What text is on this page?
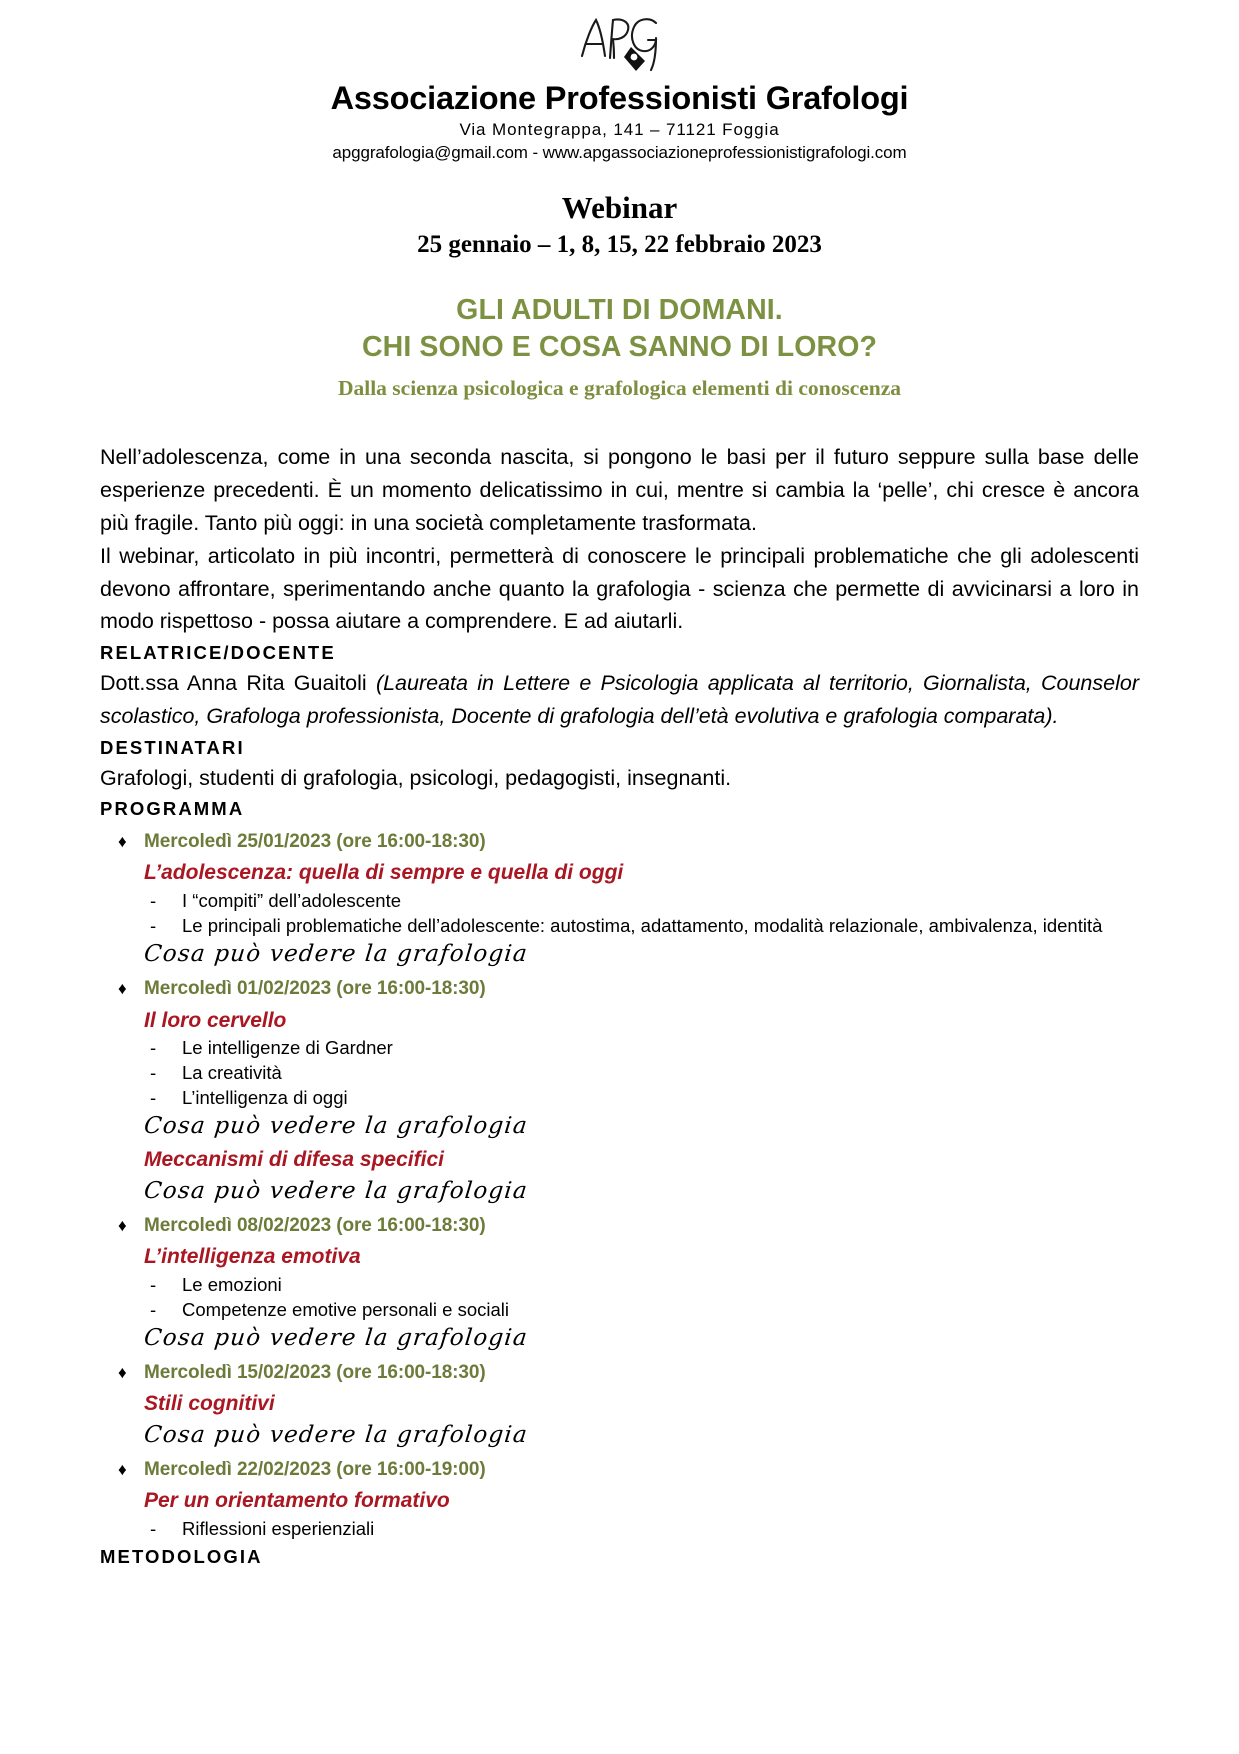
Associazione Professionisti Grafologi
Via Montegrappa, 141 – 71121 Foggia
apggrafologia@gmail.com - www.apgassociazioneprofessionistigrafologi.com
Webinar
25 gennaio – 1, 8, 15, 22 febbraio 2023
GLI ADULTI DI DOMANI.
CHI SONO E COSA SANNO DI LORO?
Dalla scienza psicologica e grafologica elementi di conoscenza

Nell’adolescenza, come in una seconda nascita, si pongono le basi per il futuro seppure sulla base delle esperienze precedenti. È un momento delicatissimo in cui, mentre si cambia la ‘pelle’, chi cresce è ancora più fragile. Tanto più oggi: in una società completamente trasformata.

Il webinar, articolato in più incontri, permetterà di conoscere le principali problematiche che gli adolescenti devono affrontare, sperimentando anche quanto la grafologia - scienza che permette di avvicinarsi a loro in modo rispettoso - possa aiutare a comprendere. E ad aiutarli.

RELATRICE/DOCENTE
Dott.ssa Anna Rita Guaitoli (Laureata in Lettere e Psicologia applicata al territorio, Giornalista, Counselor scolastico, Grafologa professionista, Docente di grafologia dell’età evolutiva e grafologia comparata).
DESTINATARI
Grafologi, studenti di grafologia, psicologi, pedagogisti, insegnanti.
PROGRAMMA
♦ Mercoledì 25/01/2023 (ore 16:00-18:30)
L’adolescenza: quella di sempre e quella di oggi
-	I “compiti” dell’adolescente
-	Le principali problematiche dell’adolescente: autostima, adattamento, modalità relazionale, ambivalenza, identità
Cosa può vedere la grafologia
♦ Mercoledì 01/02/2023 (ore 16:00-18:30)
Il loro cervello
-	Le intelligenze di Gardner
-	La creatività
-	L’intelligenza di oggi
Cosa può vedere la grafologia
Meccanismi di difesa specifici
Cosa può vedere la grafologia
♦ Mercoledì 08/02/2023 (ore 16:00-18:30)
L’intelligenza emotiva
-	Le emozioni
-	Competenze emotive personali e sociali
Cosa può vedere la grafologia
♦ Mercoledì 15/02/2023 (ore 16:00-18:30)
Stili cognitivi
Cosa può vedere la grafologia
♦ Mercoledì 22/02/2023 (ore 16:00-19:00)
Per un orientamento formativo
-	Riflessioni esperienziali
METODOLOGIA
